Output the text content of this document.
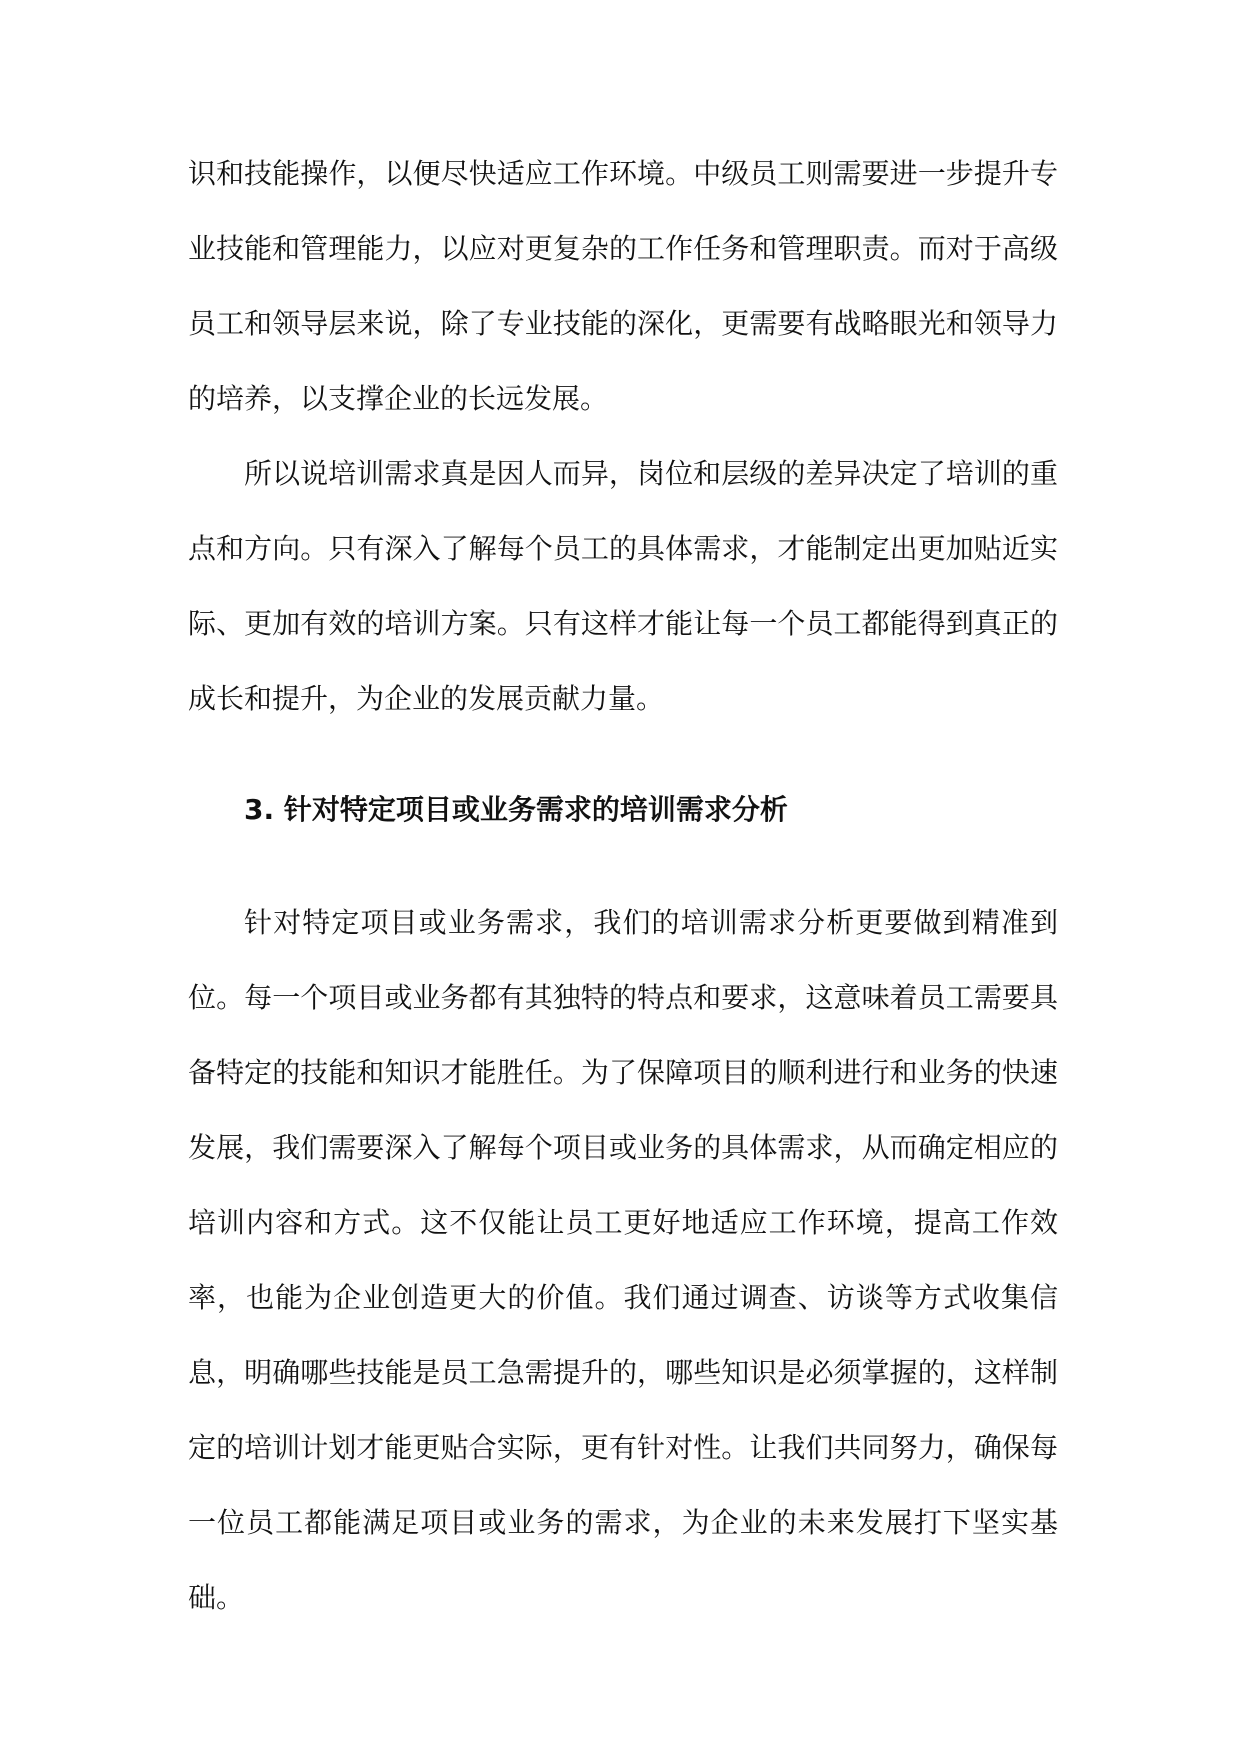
识和技能操作，以便尽快适应工作环境。中级员工则需要进一步提升专业技能和管理能力，以应对更复杂的工作任务和管理职责。而对于高级员工和领导层来说，除了专业技能的深化，更需要有战略眼光和领导力的培养，以支撑企业的长远发展。

所以说培训需求真是因人而异，岗位和层级的差异决定了培训的重点和方向。只有深入了解每个员工的具体需求，才能制定出更加贴近实际、更加有效的培训方案。只有这样才能让每一个员工都能得到真正的成长和提升，为企业的发展贡献力量。

3. 针对特定项目或业务需求的培训需求分析

针对特定项目或业务需求，我们的培训需求分析更要做到精准到位。每一个项目或业务都有其独特的特点和要求，这意味着员工需要具备特定的技能和知识才能胜任。为了保障项目的顺利进行和业务的快速发展，我们需要深入了解每个项目或业务的具体需求，从而确定相应的培训内容和方式。这不仅能让员工更好地适应工作环境，提高工作效率，也能为企业创造更大的价值。我们通过调查、访谈等方式收集信息，明确哪些技能是员工急需提升的，哪些知识是必须掌握的，这样制定的培训计划才能更贴合实际，更有针对性。让我们共同努力，确保每一位员工都能满足项目或业务的需求，为企业的未来发展打下坚实基础。
